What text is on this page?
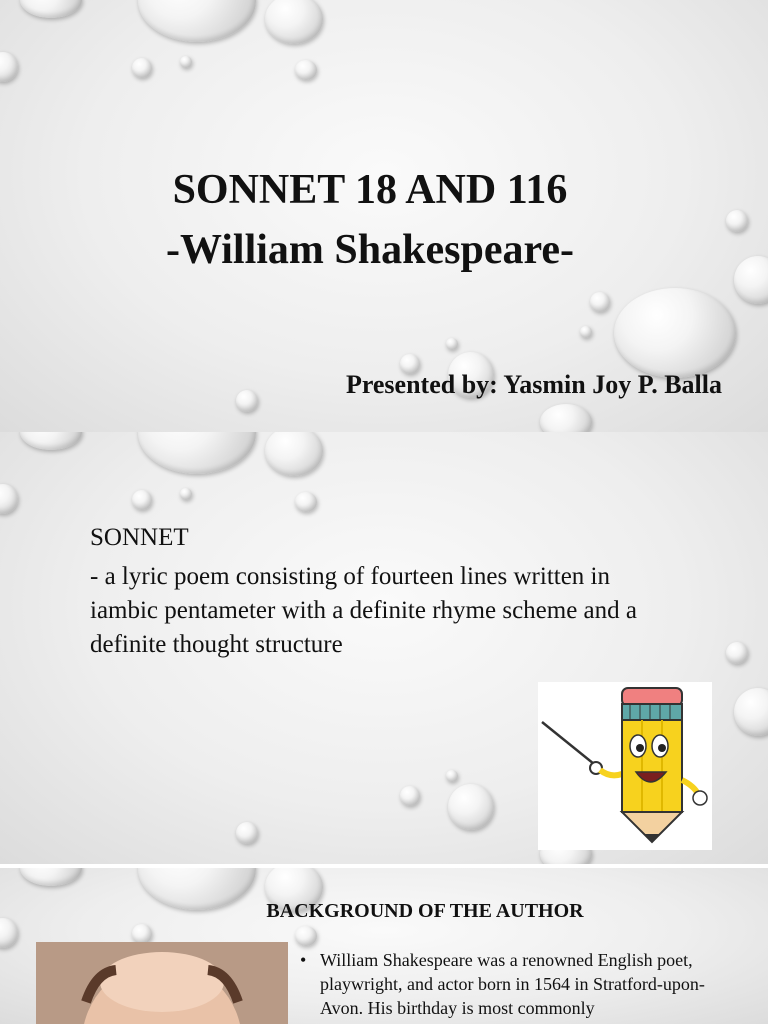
SONNET 18 AND 116
-William Shakespeare-
Presented by: Yasmin Joy P. Balla
SONNET

- a lyric poem consisting of fourteen lines written in iambic pentameter with a definite rhyme scheme and a definite thought structure

BACKGROUND OF THE AUTHOR
• William Shakespeare was a renowned English poet, playwright, and actor born in 1564 in Stratford-upon-Avon. His birthday is most commonly
